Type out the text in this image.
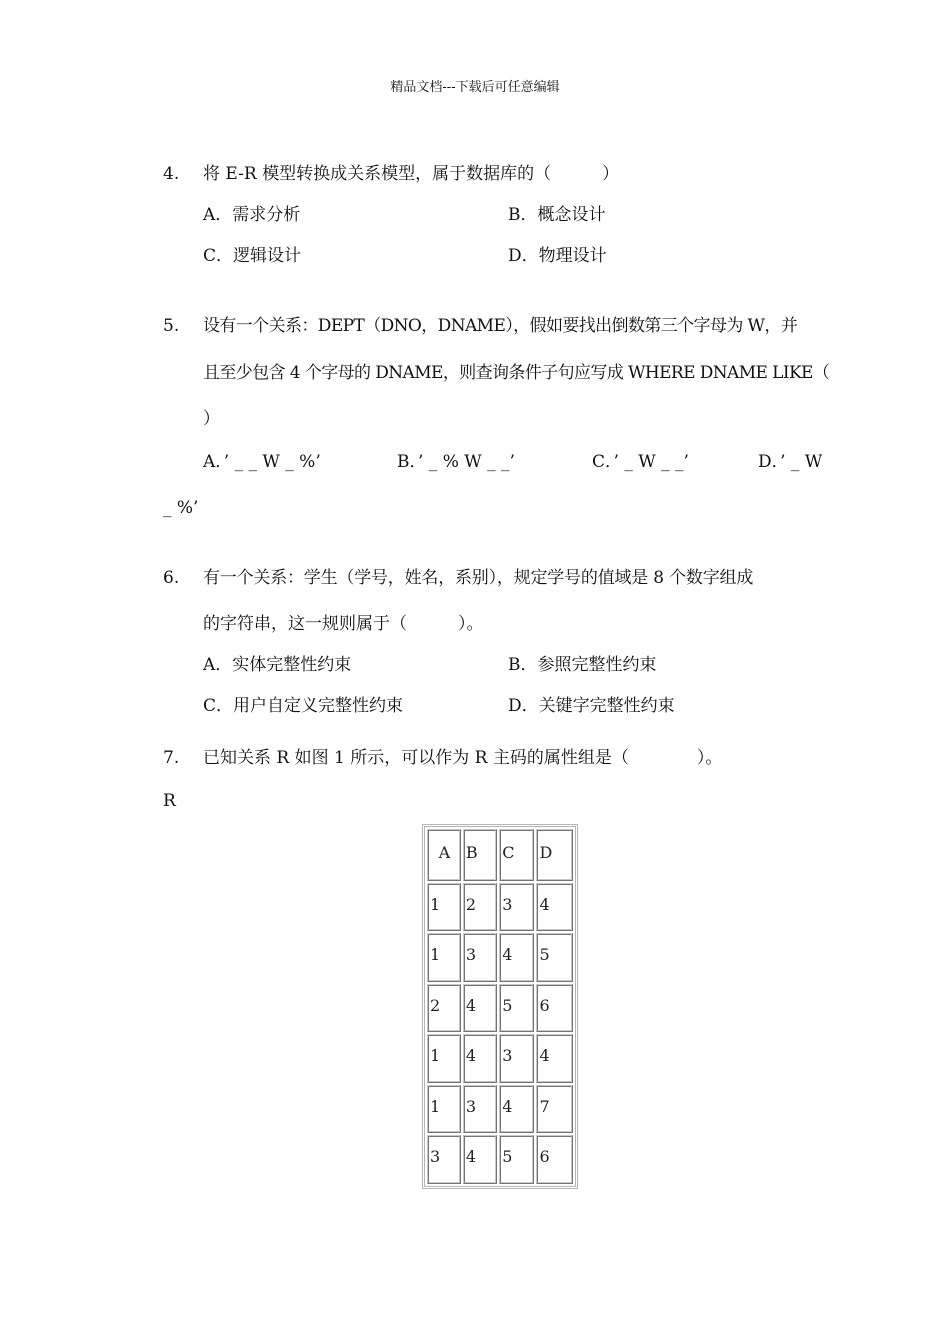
精品文档---下载后可任意编辑
4. 将 E-R 模型转换成关系模型，属于数据库的（　　　）
A．需求分析	B．概念设计
C．逻辑设计	D．物理设计
5. 设有一个关系：DEPT（DNO，DNAME），假如要找出倒数第三个字母为 W，并
且至少包含 4 个字母的 DNAME，则查询条件子句应写成 WHERE DNAME LIKE（
）
A．’ _ _ W _ %’	B．’ _ % W _ _’	C．’ _ W _ _’	D．’ _ W
_ %’
6. 有一个关系：学生（学号，姓名，系别），规定学号的值域是 8 个数字组成
的字符串，这一规则属于（　　　）。
A．实体完整性约束	B．参照完整性约束
C．用户自定义完整性约束	D．关键字完整性约束
7. 已知关系 R 如图 1 所示，可以作为 R 主码的属性组是（　　　　）。
R
A	B	C	D
1	2	3	4
1	3	4	5
2	4	5	6
1	4	3	4
1	3	4	7
3	4	5	6
